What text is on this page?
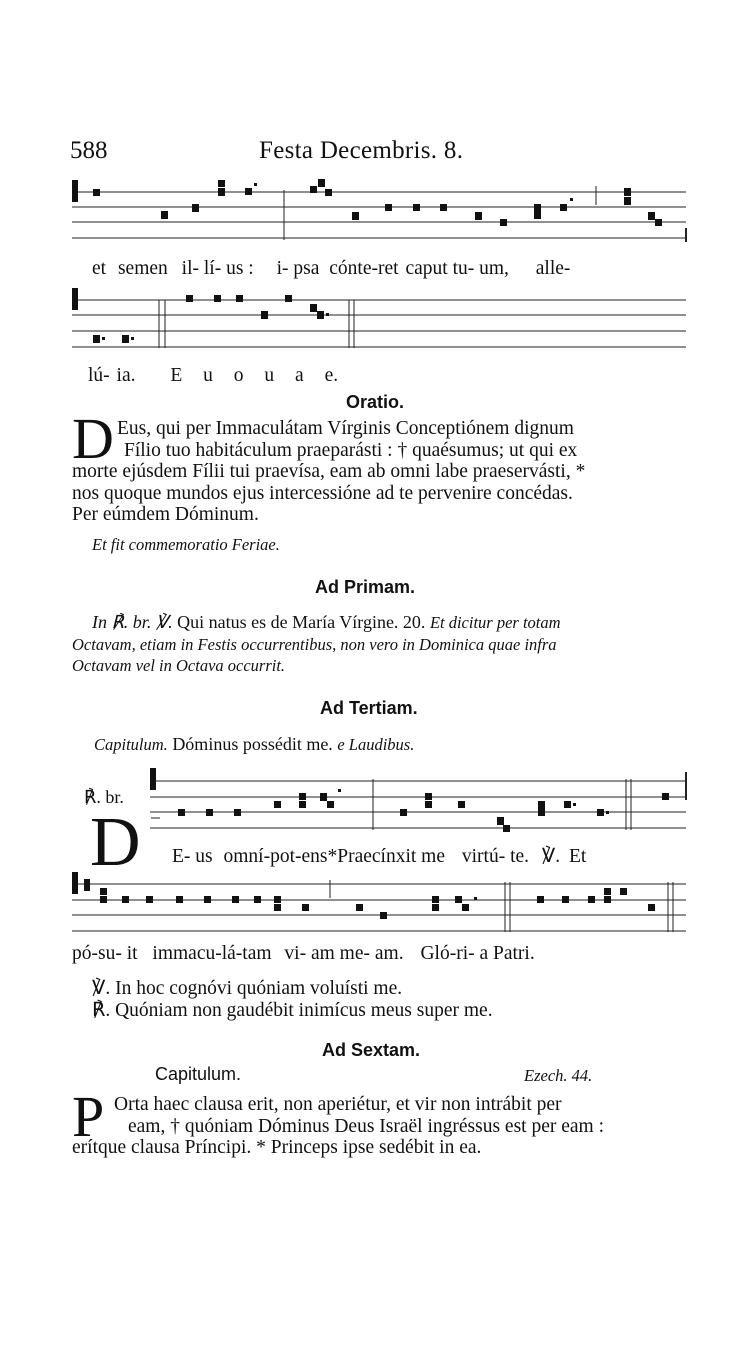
588	Festa Decembris. 8.
et semen il- lí- us : i- psa cónte-ret caput tu- um, alle-
lú- ia. E u o u a e.
Oratio.
D Eus, qui per Immaculátam Vírginis Conceptiónem dignum
Fílio tuo habitáculum praeparásti : † quaésumus; ut qui ex
morte ejúsdem Fílii tui praevísa, eam ab omni labe praeservásti, *
nos quoque mundos ejus intercessióne ad te pervenire concédas.
Per eúmdem Dóminum.
Et fit commemoratio Feriae.
Ad Primam.
In ℟. br. ℣. Qui natus es de María Vírgine. 20. Et dicitur per totam
Octavam, etiam in Festis occurrentibus, non vero in Dominica quae infra
Octavam vel in Octava occurrit.
Ad Tertiam.
Capitulum. Dóminus possédit me. e Laudibus.
℟. br.
D E- us omní-pot-ens*Praecínxit me virtú- te. ℣. Et
pó-su- it immacu-lá-tam vi- am me- am. Gló-ri- a Patri.
℣. In hoc cognóvi quóniam voluísti me.
℟. Quóniam non gaudébit inimícus meus super me.
Ad Sextam.
Capitulum.	Ezech. 44.
P Orta haec clausa erit, non aperiétur, et vir non intrábit per
eam, † quóniam Dóminus Deus Israël ingréssus est per eam :
erítque clausa Príncipi. * Princeps ipse sedébit in ea.
